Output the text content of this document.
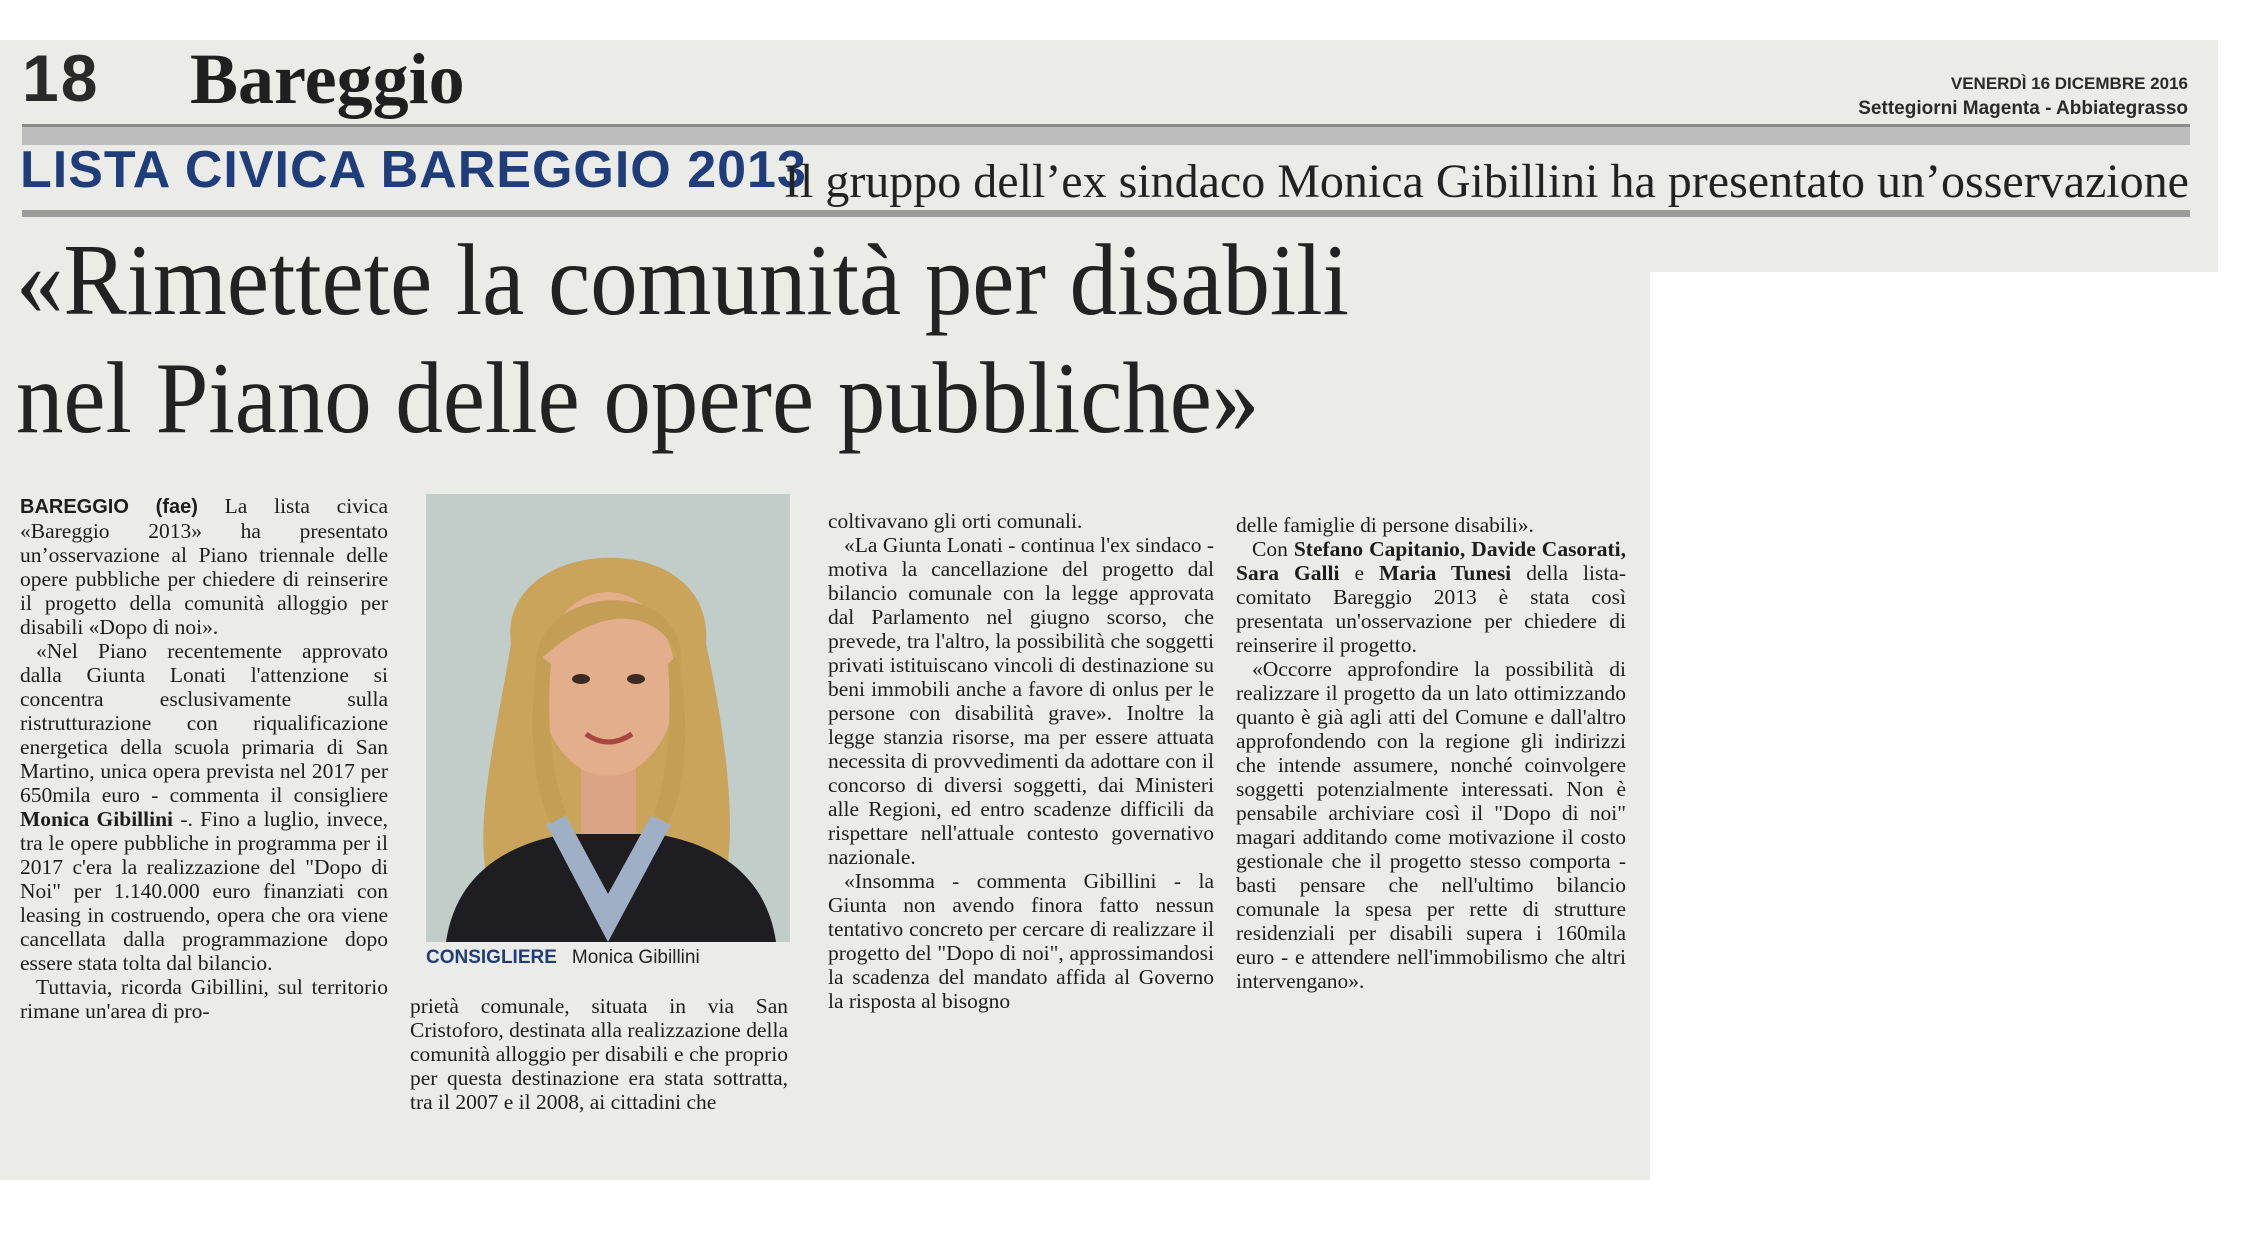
18 Bareggio	VENERDÌ 16 DICEMBRE 2016
Settegiorni Magenta - Abbiategrasso
LISTA CIVICA BAREGGIO 2013
Il gruppo dell’ex sindaco Monica Gibillini ha presentato un’osservazione
«Rimettete la comunità per disabili
nel Piano delle opere pubbliche»

BAREGGIO (fae) La lista civica «Bareggio 2013» ha presentato un’osservazione al Piano triennale delle opere pubbliche per chiedere di reinserire il progetto della comunità alloggio per disabili «Dopo di noi».

«Nel Piano recentemente approvato dalla Giunta Lonati l'attenzione si concentra esclusivamente sulla ristrutturazione con riqualificazione energetica della scuola primaria di San Martino, unica opera prevista nel 2017 per 650mila euro - commenta il consigliere Monica Gibillini -. Fino a luglio, invece, tra le opere pubbliche in programma per il 2017 c'era la realizzazione del "Dopo di Noi" per 1.140.000 euro finanziati con leasing in costruendo, opera che ora viene cancellata dalla programmazione dopo essere stata tolta dal bilancio.

Tuttavia, ricorda Gibillini, sul territorio rimane un'area di pro-

CONSIGLIERE Monica Gibillini

prietà comunale, situata in via San Cristoforo, destinata alla realizzazione della comunità alloggio per disabili e che proprio per questa destinazione era stata sottratta, tra il 2007 e il 2008, ai cittadini che

coltivavano gli orti comunali.

«La Giunta Lonati - continua l'ex sindaco - motiva la cancellazione del progetto dal bilancio comunale con la legge approvata dal Parlamento nel giugno scorso, che prevede, tra l'altro, la possibilità che soggetti privati istituiscano vincoli di destinazione su beni immobili anche a favore di onlus per le persone con disabilità grave». Inoltre la legge stanzia risorse, ma per essere attuata necessita di provvedimenti da adottare con il concorso di diversi soggetti, dai Ministeri alle Regioni, ed entro scadenze difficili da rispettare nell'attuale contesto governativo nazionale.

«Insomma - commenta Gibillini - la Giunta non avendo finora fatto nessun tentativo concreto per cercare di realizzare il progetto del "Dopo di noi", approssimandosi la scadenza del mandato affida al Governo la risposta al bisogno

delle famiglie di persone disabili».

Con Stefano Capitanio, Davide Casorati, Sara Galli e Maria Tunesi della lista-comitato Bareggio 2013 è stata così presentata un'osservazione per chiedere di reinserire il progetto.

«Occorre approfondire la possibilità di realizzare il progetto da un lato ottimizzando quanto è già agli atti del Comune e dall'altro approfondendo con la regione gli indirizzi che intende assumere, nonché coinvolgere soggetti potenzialmente interessati. Non è pensabile archiviare così il "Dopo di noi" magari additando come motivazione il costo gestionale che il progetto stesso comporta - basti pensare che nell'ultimo bilancio comunale la spesa per rette di strutture residenziali per disabili supera i 160mila euro - e attendere nell'immobilismo che altri intervengano».
